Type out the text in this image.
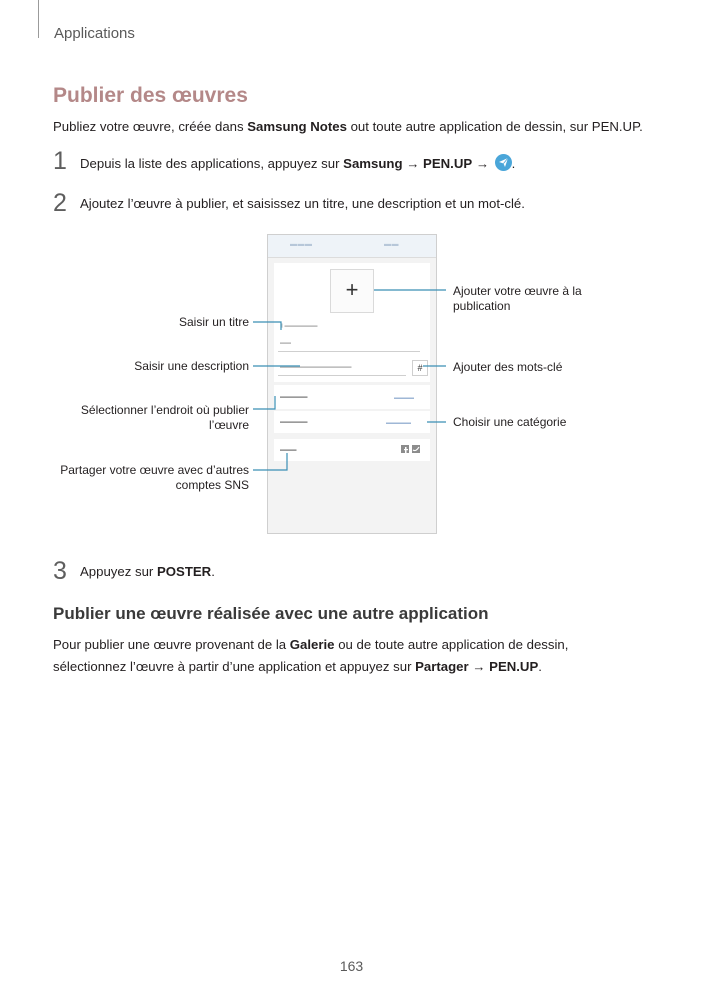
Applications
Publier des œuvres
Publiez votre œuvre, créée dans Samsung Notes out toute autre application de dessin, sur PEN.UP.
1 Depuis la liste des applications, appuyez sur Samsung → PEN.UP →
.
2 Ajoutez l’œuvre à publier, et saisissez un titre, une description et un mot-clé.
▬▬▬	▬▬
+
▮ ▬▬▬▬▬▬
▬▬
▬▬▬▬▬▬▬▬▬▬▬▬▬	#
▬▬▬▬▬	▬▬▬▬
▬▬▬▬▬	▬▬▬▬▬
▬▬▬
Ajouter votre œuvre à la publication
Saisir un titre
Saisir une description	Ajouter des mots-clé
Sélectionner l’endroit où publier l’œuvre	Choisir une catégorie
Partager votre œuvre avec d’autres comptes SNS
3 Appuyez sur POSTER.
Publier une œuvre réalisée avec une autre application
Pour publier une œuvre provenant de la Galerie ou de toute autre application de dessin,
sélectionnez l’œuvre à partir d’une application et appuyez sur Partager → PEN.UP.
163
